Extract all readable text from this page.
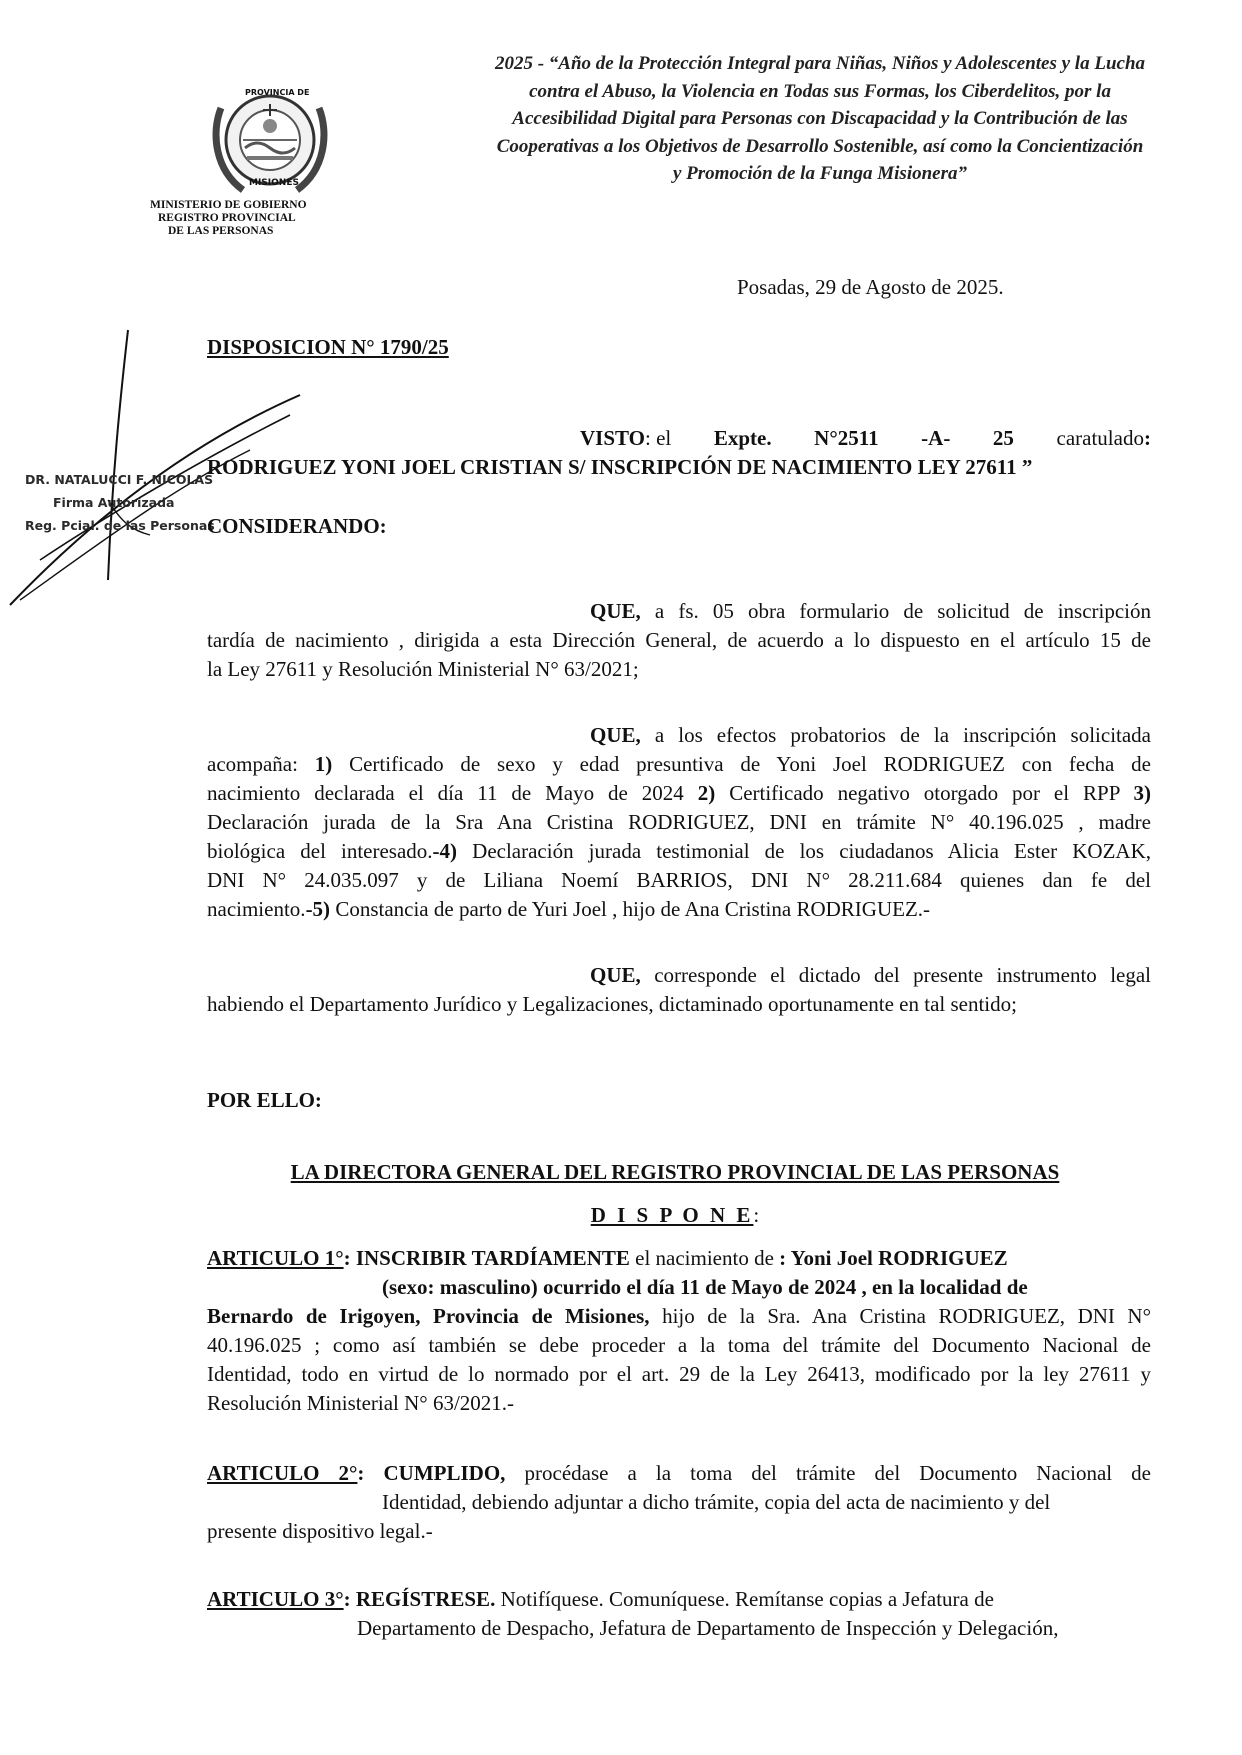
PROVINCIA DE
MISIONES
MINISTERIO DE GOBIERNO
REGISTRO PROVINCIAL
DE LAS PERSONAS
2025 - “Año de la Protección Integral para Niñas, Niños y Adolescentes y la Lucha
contra el Abuso, la Violencia en Todas sus Formas, los Ciberdelitos, por la
Accesibilidad Digital para Personas con Discapacidad y la Contribución de las
Cooperativas a los Objetivos de Desarrollo Sostenible, así como la Concientización
y Promoción de la Funga Misionera”
Posadas, 29 de Agosto de 2025.
DISPOSICION N° 1790/25
DR. NATALUCCI F. NICOLAS
Firma Autorizada
Reg. Pcial. de las Personas
VISTO: el Expte. N°2511 -A- 25 caratulado:
RODRIGUEZ YONI JOEL CRISTIAN S/ INSCRIPCIÓN DE NACIMIENTO LEY 27611 ”
CONSIDERANDO:
QUE, a fs. 05 obra formulario de solicitud de inscripción
tardía de nacimiento , dirigida a esta Dirección General, de acuerdo a lo dispuesto en el artículo 15 de
la Ley 27611 y Resolución Ministerial N° 63/2021;
QUE, a los efectos probatorios de la inscripción solicitada
acompaña: 1) Certificado de sexo y edad presuntiva de Yoni Joel RODRIGUEZ con fecha de
nacimiento declarada el día 11 de Mayo de 2024 2) Certificado negativo otorgado por el RPP 3)
Declaración jurada de la Sra Ana Cristina RODRIGUEZ, DNI en trámite N° 40.196.025 , madre
biológica del interesado.-4) Declaración jurada testimonial de los ciudadanos Alicia Ester KOZAK,
DNI N° 24.035.097 y de Liliana Noemí BARRIOS, DNI N° 28.211.684 quienes dan fe del
nacimiento.-5) Constancia de parto de Yuri Joel , hijo de Ana Cristina RODRIGUEZ.-
QUE, corresponde el dictado del presente instrumento legal
habiendo el Departamento Jurídico y Legalizaciones, dictaminado oportunamente en tal sentido;
POR ELLO:
LA DIRECTORA GENERAL DEL REGISTRO PROVINCIAL DE LAS PERSONAS
D I S P O N E:
ARTICULO 1°: INSCRIBIR TARDÍAMENTE el nacimiento de : Yoni Joel RODRIGUEZ
(sexo: masculino) ocurrido el día 11 de Mayo de 2024 , en la localidad de
Bernardo de Irigoyen, Provincia de Misiones, hijo de la Sra. Ana Cristina RODRIGUEZ, DNI N°
40.196.025 ; como así también se debe proceder a la toma del trámite del Documento Nacional de
Identidad, todo en virtud de lo normado por el art. 29 de la Ley 26413, modificado por la ley 27611 y
Resolución Ministerial N° 63/2021.-
ARTICULO 2°: CUMPLIDO, procédase a la toma del trámite del Documento Nacional de
Identidad, debiendo adjuntar a dicho trámite, copia del acta de nacimiento y del
presente dispositivo legal.-
ARTICULO 3°: REGÍSTRESE. Notifíquese. Comuníquese. Remítanse copias a Jefatura de
Departamento de Despacho, Jefatura de Departamento de Inspección y Delegación,
